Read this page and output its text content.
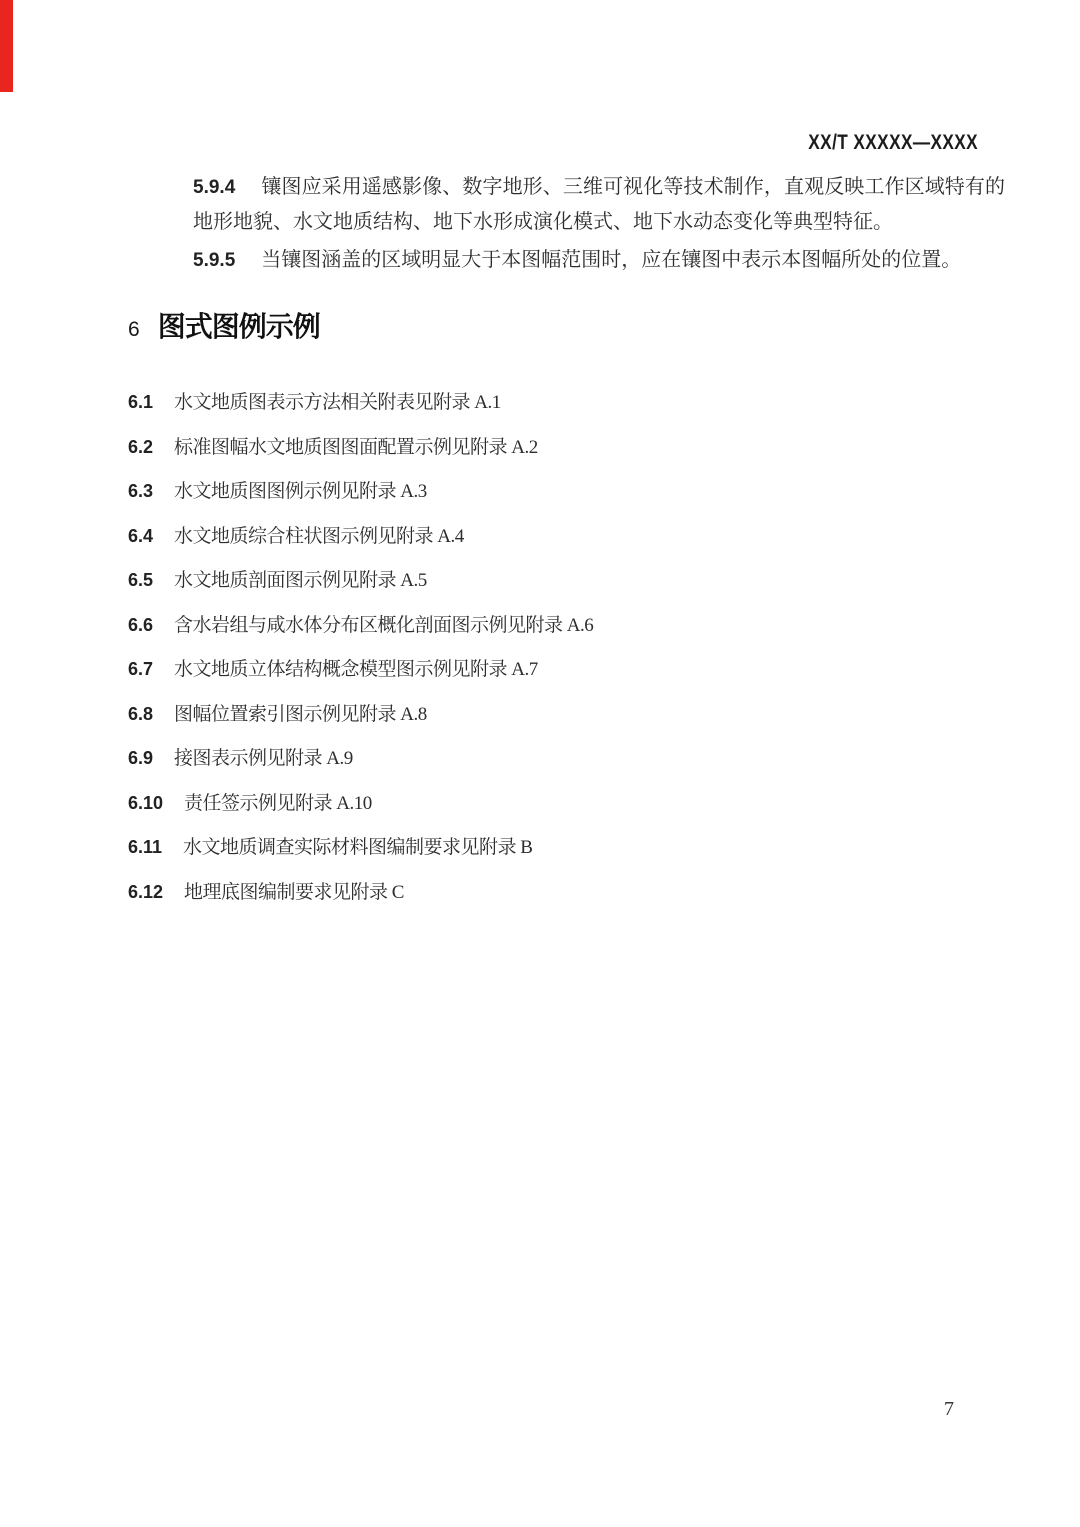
XX/T XXXXX—XXXX

5.9.4 镶图应采用遥感影像、数字地形、三维可视化等技术制作，直观反映工作区域特有的地形地貌、水文地质结构、地下水形成演化模式、地下水动态变化等典型特征。

5.9.5 当镶图涵盖的区域明显大于本图幅范围时，应在镶图中表示本图幅所处的位置。

6 图式图例示例
6.1 水文地质图表示方法相关附表见附录 A.1
6.2 标准图幅水文地质图图面配置示例见附录 A.2
6.3 水文地质图图例示例见附录 A.3
6.4 水文地质综合柱状图示例见附录 A.4
6.5 水文地质剖面图示例见附录 A.5
6.6 含水岩组与咸水体分布区概化剖面图示例见附录 A.6
6.7 水文地质立体结构概念模型图示例见附录 A.7
6.8 图幅位置索引图示例见附录 A.8
6.9 接图表示例见附录 A.9
6.10 责任签示例见附录 A.10
6.11 水文地质调查实际材料图编制要求见附录 B
6.12 地理底图编制要求见附录 C
7
